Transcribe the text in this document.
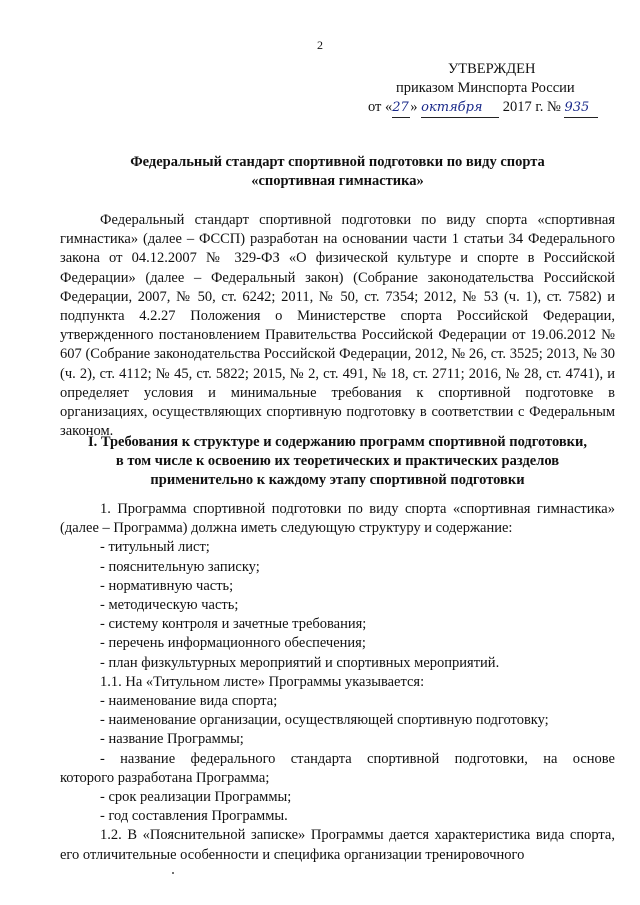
2
УТВЕРЖДЕН
приказом Минспорта России
от «27» октября 2017 г. № 935
Федеральный стандарт спортивной подготовки по виду спорта
«спортивная гимнастика»

Федеральный стандарт спортивной подготовки по виду спорта «спортивная гимнастика» (далее – ФССП) разработан на основании части 1 статьи 34 Федерального закона от 04.12.2007 № 329-ФЗ «О физической культуре и спорте в Российской Федерации» (далее – Федеральный закон) (Собрание законодательства Российской Федерации, 2007, № 50, ст. 6242; 2011, № 50, ст. 7354; 2012, № 53 (ч. 1), ст. 7582) и подпункта 4.2.27 Положения о Министерстве спорта Российской Федерации, утвержденного постановлением Правительства Российской Федерации от 19.06.2012 № 607 (Собрание законодательства Российской Федерации, 2012, № 26, ст. 3525; 2013, № 30 (ч. 2), ст. 4112; № 45, ст. 5822; 2015, № 2, ст. 491, № 18, ст. 2711; 2016, № 28, ст. 4741), и определяет условия и минимальные требования к спортивной подготовке в организациях, осуществляющих спортивную подготовку в соответствии с Федеральным законом.

I. Требования к структуре и содержанию программ спортивной подготовки,
в том числе к освоению их теоретических и практических разделов
применительно к каждому этапу спортивной подготовки

1. Программа спортивной подготовки по виду спорта «спортивная гимнастика» (далее – Программа) должна иметь следующую структуру и содержание:

- титульный лист;

- пояснительную записку;

- нормативную часть;

- методическую часть;

- систему контроля и зачетные требования;

- перечень информационного обеспечения;

- план физкультурных мероприятий и спортивных мероприятий.

1.1. На «Титульном листе» Программы указывается:

- наименование вида спорта;

- наименование организации, осуществляющей спортивную подготовку;

- название Программы;

- название федерального стандарта спортивной подготовки, на основе

которого разработана Программа;

- срок реализации Программы;

- год составления Программы.

1.2. В «Пояснительной записке» Программы дается характеристика вида спорта, его отличительные особенности и специфика организации тренировочного
